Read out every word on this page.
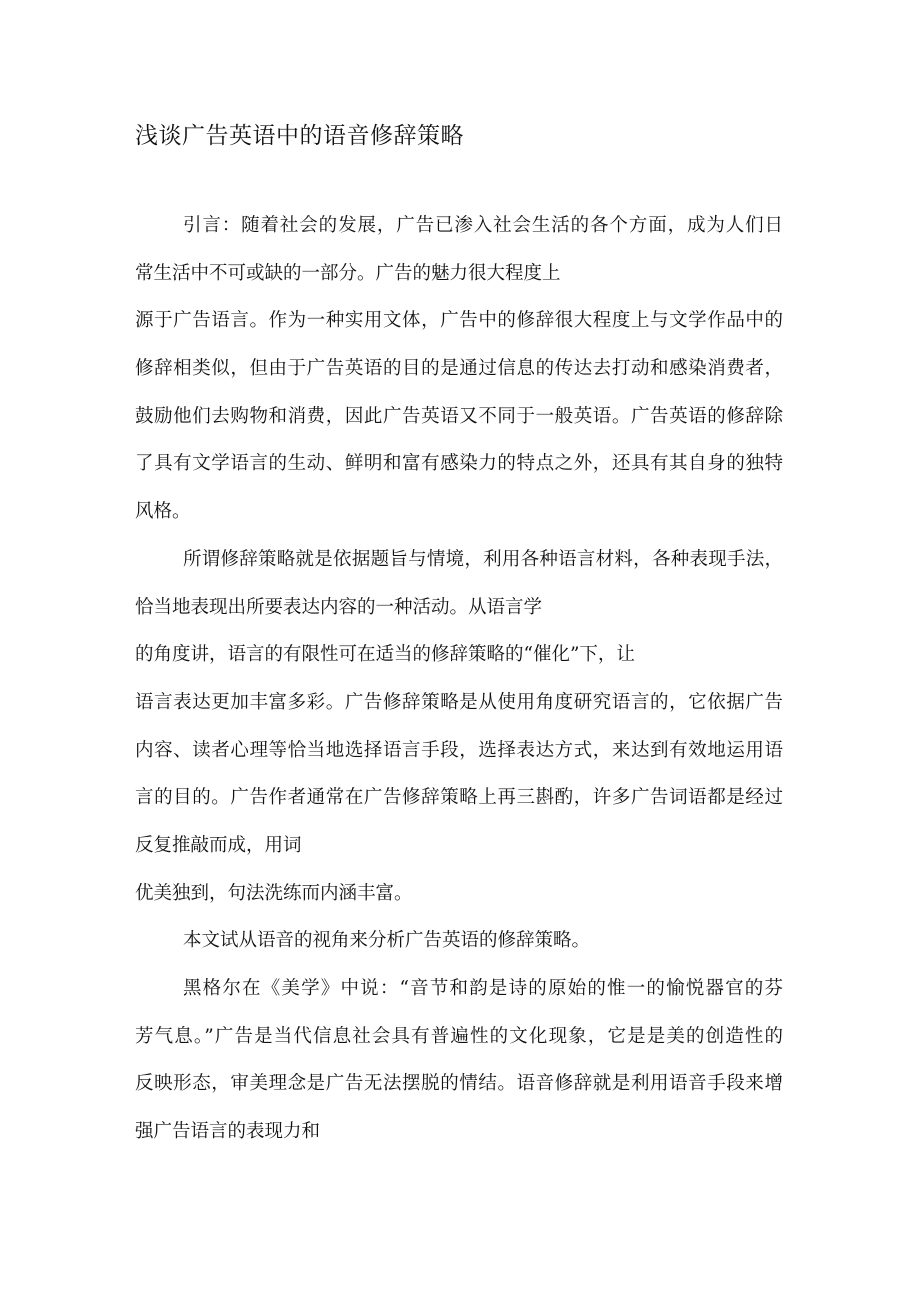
浅谈广告英语中的语音修辞策略
引言：随着社会的发展，广告已渗入社会生活的各个方面，成为人们日
常生活中不可或缺的一部分。广告的魅力很大程度上
源于广告语言。作为一种实用文体，广告中的修辞很大程度上与文学作品中的
修辞相类似，但由于广告英语的目的是通过信息的传达去打动和感染消费者，
鼓励他们去购物和消费，因此广告英语又不同于一般英语。广告英语的修辞除
了具有文学语言的生动、鲜明和富有感染力的特点之外，还具有其自身的独特
风格。
所谓修辞策略就是依据题旨与情境，利用各种语言材料，各种表现手法，
恰当地表现出所要表达内容的一种活动。从语言学
的角度讲，语言的有限性可在适当的修辞策略的“催化”下，让
语言表达更加丰富多彩。广告修辞策略是从使用角度研究语言的，它依据广告
内容、读者心理等恰当地选择语言手段，选择表达方式，来达到有效地运用语
言的目的。广告作者通常在广告修辞策略上再三斟酌，许多广告词语都是经过
反复推敲而成，用词
优美独到，句法洗练而内涵丰富。
本文试从语音的视角来分析广告英语的修辞策略。
黑格尔在《美学》中说：“音节和韵是诗的原始的惟一的愉悦器官的芬
芳气息。”广告是当代信息社会具有普遍性的文化现象，它是是美的创造性的
反映形态，审美理念是广告无法摆脱的情结。语音修辞就是利用语音手段来增
强广告语言的表现力和
